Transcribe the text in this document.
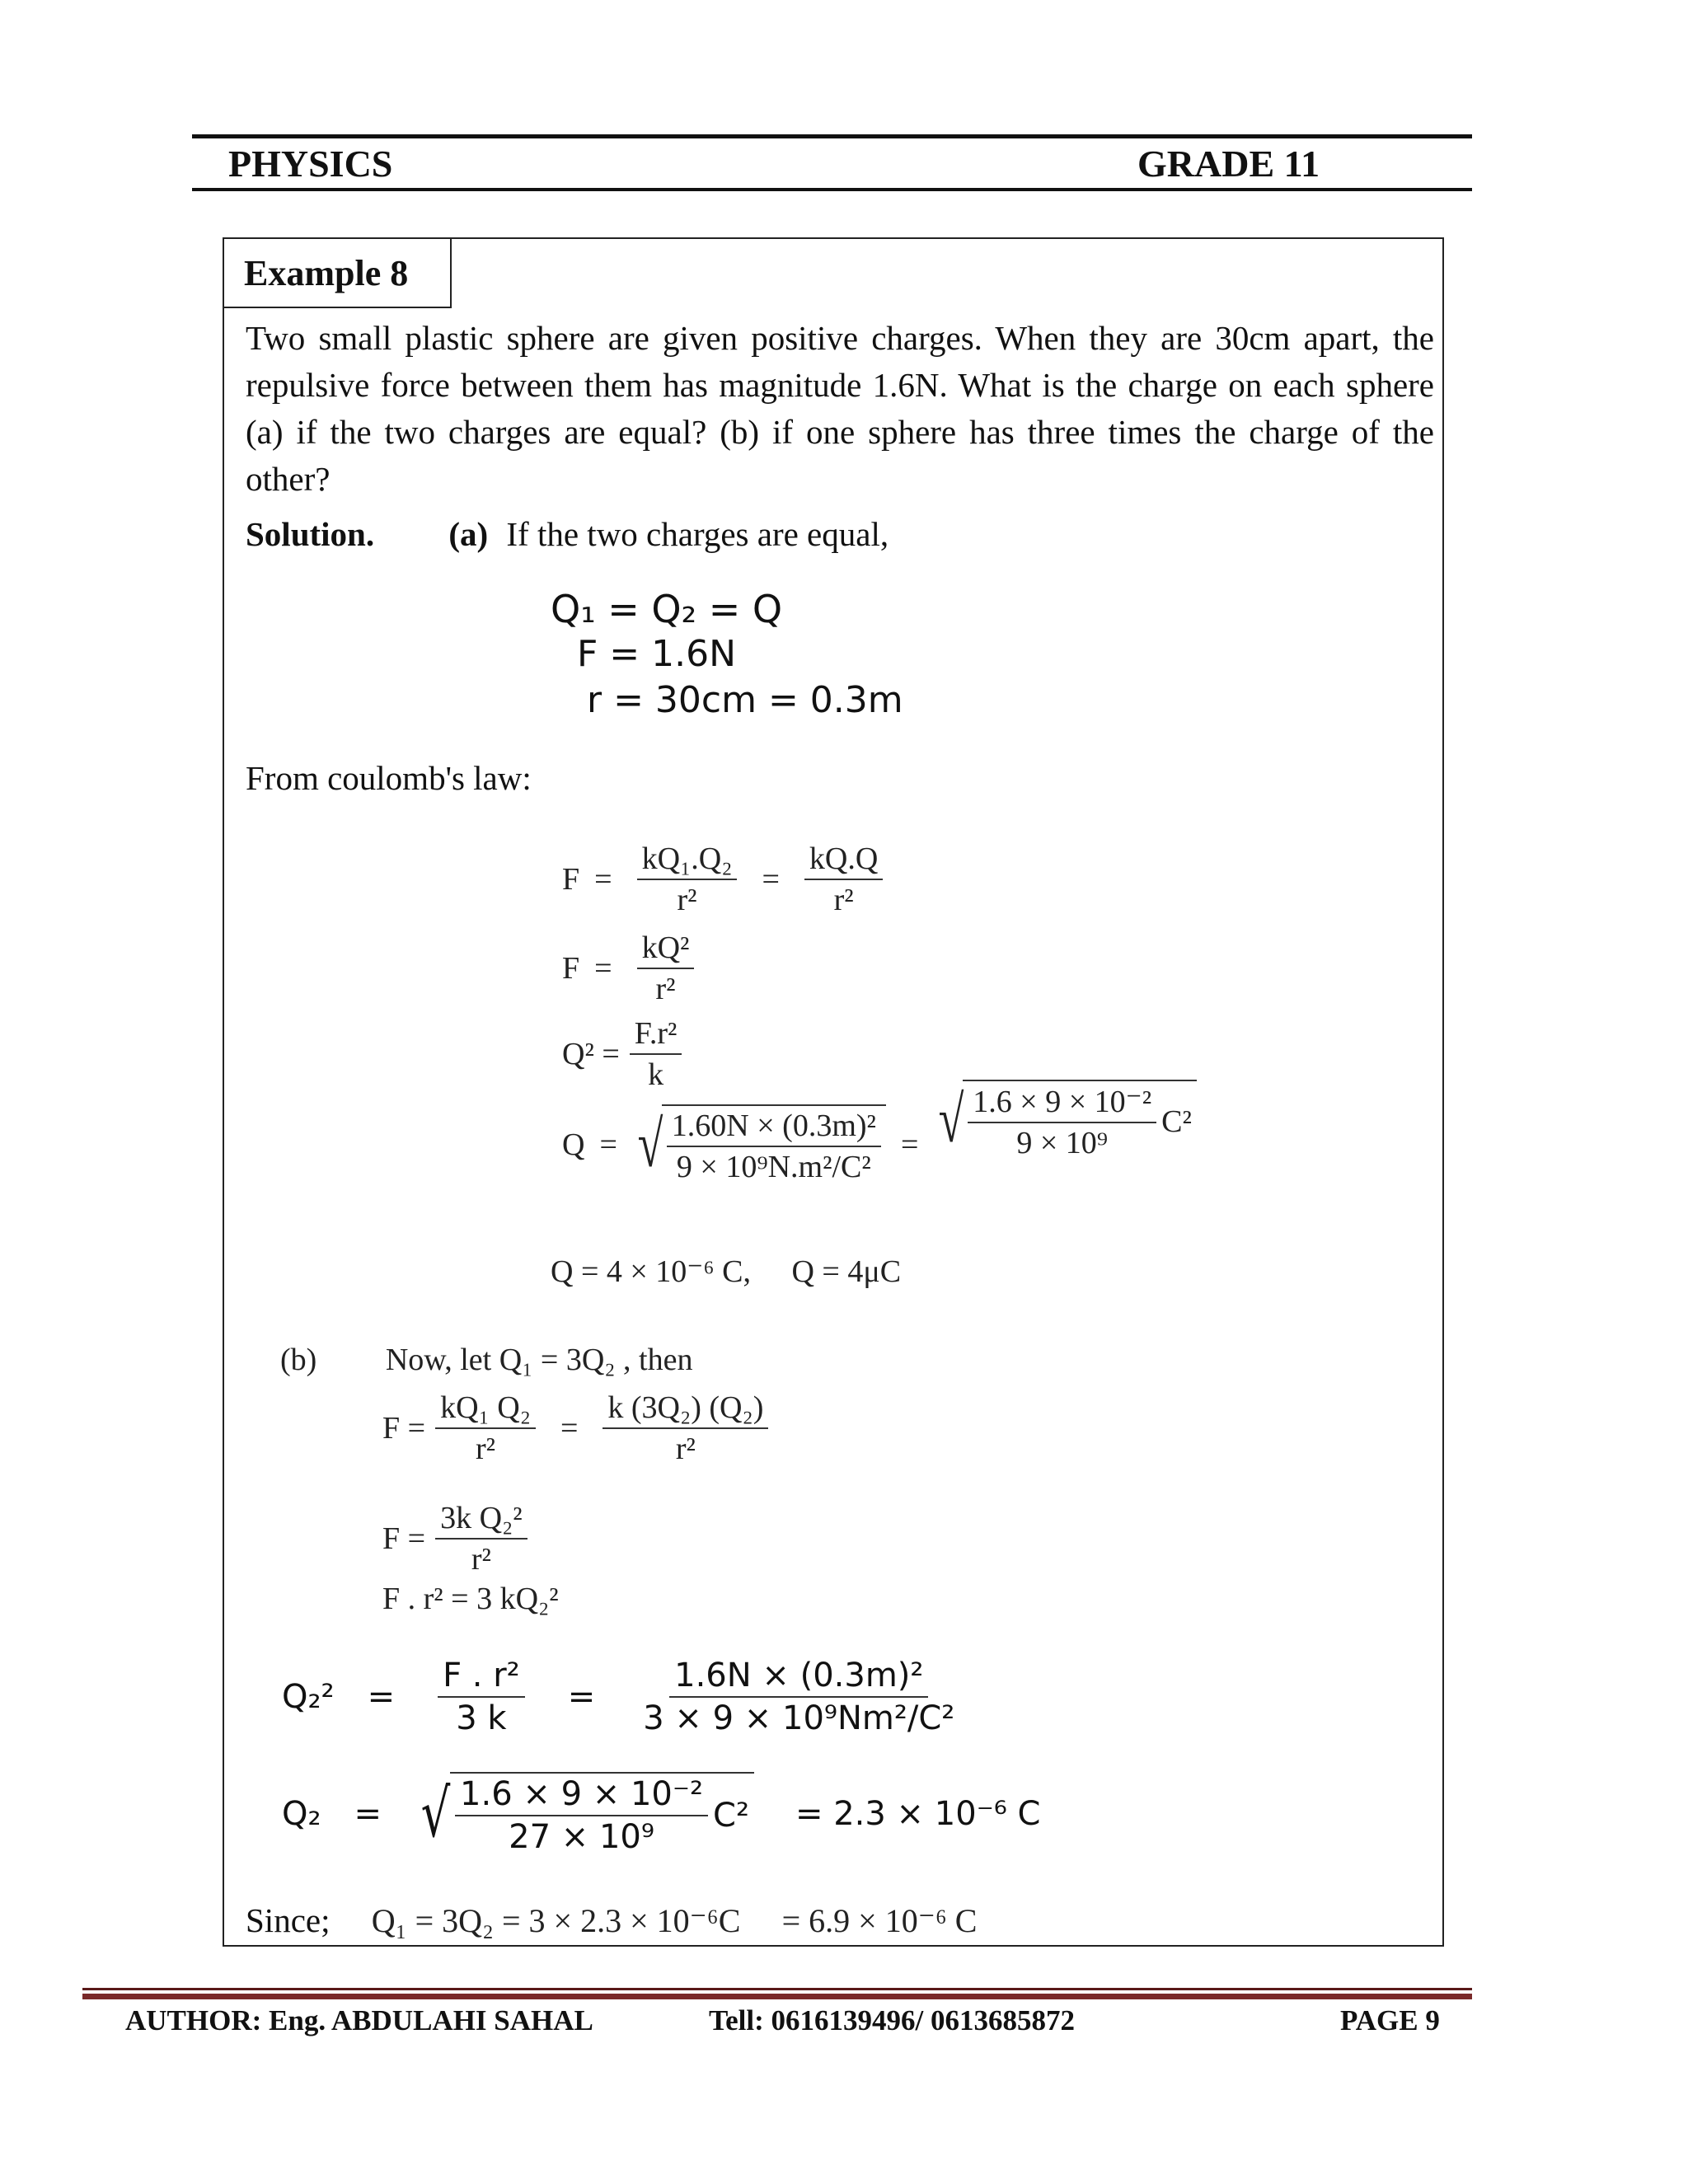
PHYSICS	GRADE 11
Example 8
Two small plastic sphere are given positive charges. When they are 30cm apart, the repulsive force between them has magnitude 1.6N. What is the charge on each sphere (a) if the two charges are equal? (b) if one sphere has three times the charge of the other?
Solution. (a) If the two charges are equal,
Q₁ = Q₂ = Q
F = 1.6N
r = 30cm = 0.3m
From coulomb's law:
$F = \frac{\text{kQ₁.Q₂}}{\text{r²}} = \frac{kQ.Q}{\text{r²}}$
$F = \frac{\text{kQ²}}{\text{r²}}$
$Q^2 = \frac{\text{F.r²}}{k}$
Q = √ $\frac{\text{1.60N × (0.3m)²}}{\text{9 × 10⁹N.m²/C²}}$ = √ $\frac{\text{1.6 × 9 × 10⁻²}}{\text{9 × 10⁹}} C^2$
Q = 4 × 10⁻⁶ C, Q = 4μC
(b) Now, let Q₁ = 3Q₂ , then
$F = \frac{\text{kQ₁ Q₂}}{\text{r²}} = \frac{\text{k (3Q₂) (Q₂)}}{\text{r²}}$
$F = \frac{\text{3k Q₂²}}{\text{r²}}$
F . r² = 3 kQ₂²
$Q_2^2 = \frac{\text{F . r²}}{3 k} = \frac{\text{1.6N × (0.3m)²}}{\text{3 × 9 × 10⁹Nm²/C²}}$
Q₂ = √ $\frac{\text{1.6 × 9 × 10⁻²}}{\text{27 × 10⁹}} C^2 = 2.3 \times 10^{-6}$ C
Since; Q₁ = 3Q₂ = 3 × 2.3 × 10⁻⁶C = 6.9 × 10⁻⁶ C
AUTHOR: Eng. ABDULAHI SAHAL	Tell: 0616139496/ 0613685872	PAGE 9
